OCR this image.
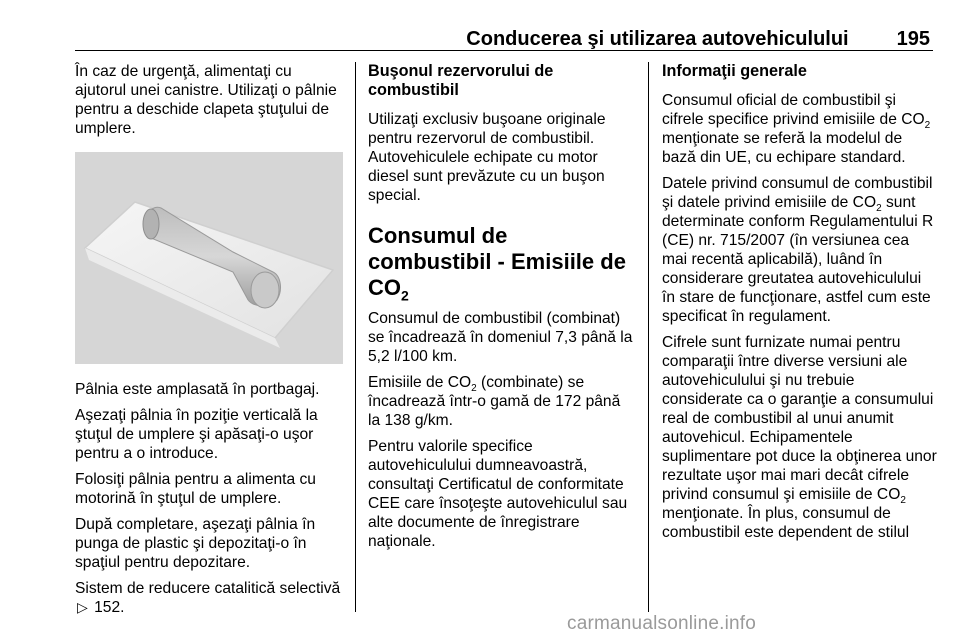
Conducerea şi utilizarea autovehiculului 195

În caz de urgenţă, alimentaţi cu ajutorul unei canistre. Utilizaţi o pâlnie pentru a deschide clapeta ştuţului de umplere.

Pâlnia este amplasată în portbagaj.

Aşezaţi pâlnia în poziţie verticală la ştuţul de umplere şi apăsaţi-o uşor pentru a o introduce.

Folosiţi pâlnia pentru a alimenta cu motorină în ştuţul de umplere.

După completare, aşezaţi pâlnia în punga de plastic şi depozitaţi-o în spaţiul pentru depozitare.

Sistem de reducere catalitică selectivă ▷ 152.

Buşonul rezervorului de combustibil

Utilizaţi exclusiv buşoane originale pentru rezervorul de combustibil. Autovehiculele echipate cu motor diesel sunt prevăzute cu un buşon special.

Consumul de combustibil - Emisiile de $CO_2$

Consumul de combustibil (combinat) se încadrează în domeniul 7,3 până la 5,2 l/100 km.

Emisiile de $CO_2$ (combinate) se încadrează într-o gamă de 172 până la 138 g/km.

Pentru valorile specifice autovehiculului dumneavoastră, consultaţi Certificatul de conformitate CEE care însoţeşte autovehiculul sau alte documente de înregistrare naţionale.

Informaţii generale

Consumul oficial de combustibil şi cifrele specifice privind emisiile de $CO_2$ menţionate se referă la modelul de bază din UE, cu echipare standard.

Datele privind consumul de combustibil şi datele privind emisiile de $CO_2$ sunt determinate conform Regulamentului R (CE) nr. 715/2007 (în versiunea cea mai recentă aplicabilă), luând în considerare greutatea autovehiculului în stare de funcţionare, astfel cum este specificat în regulament.

Cifrele sunt furnizate numai pentru comparaţii între diverse versiuni ale autovehiculului şi nu trebuie considerate ca o garanţie a consumului real de combustibil al unui anumit autovehicul. Echipamentele suplimentare pot duce la obţinerea unor rezultate uşor mai mari decât cifrele privind consumul şi emisiile de $CO_2$ menţionate. În plus, consumul de combustibil este dependent de stilul

carmanualsonline.info
